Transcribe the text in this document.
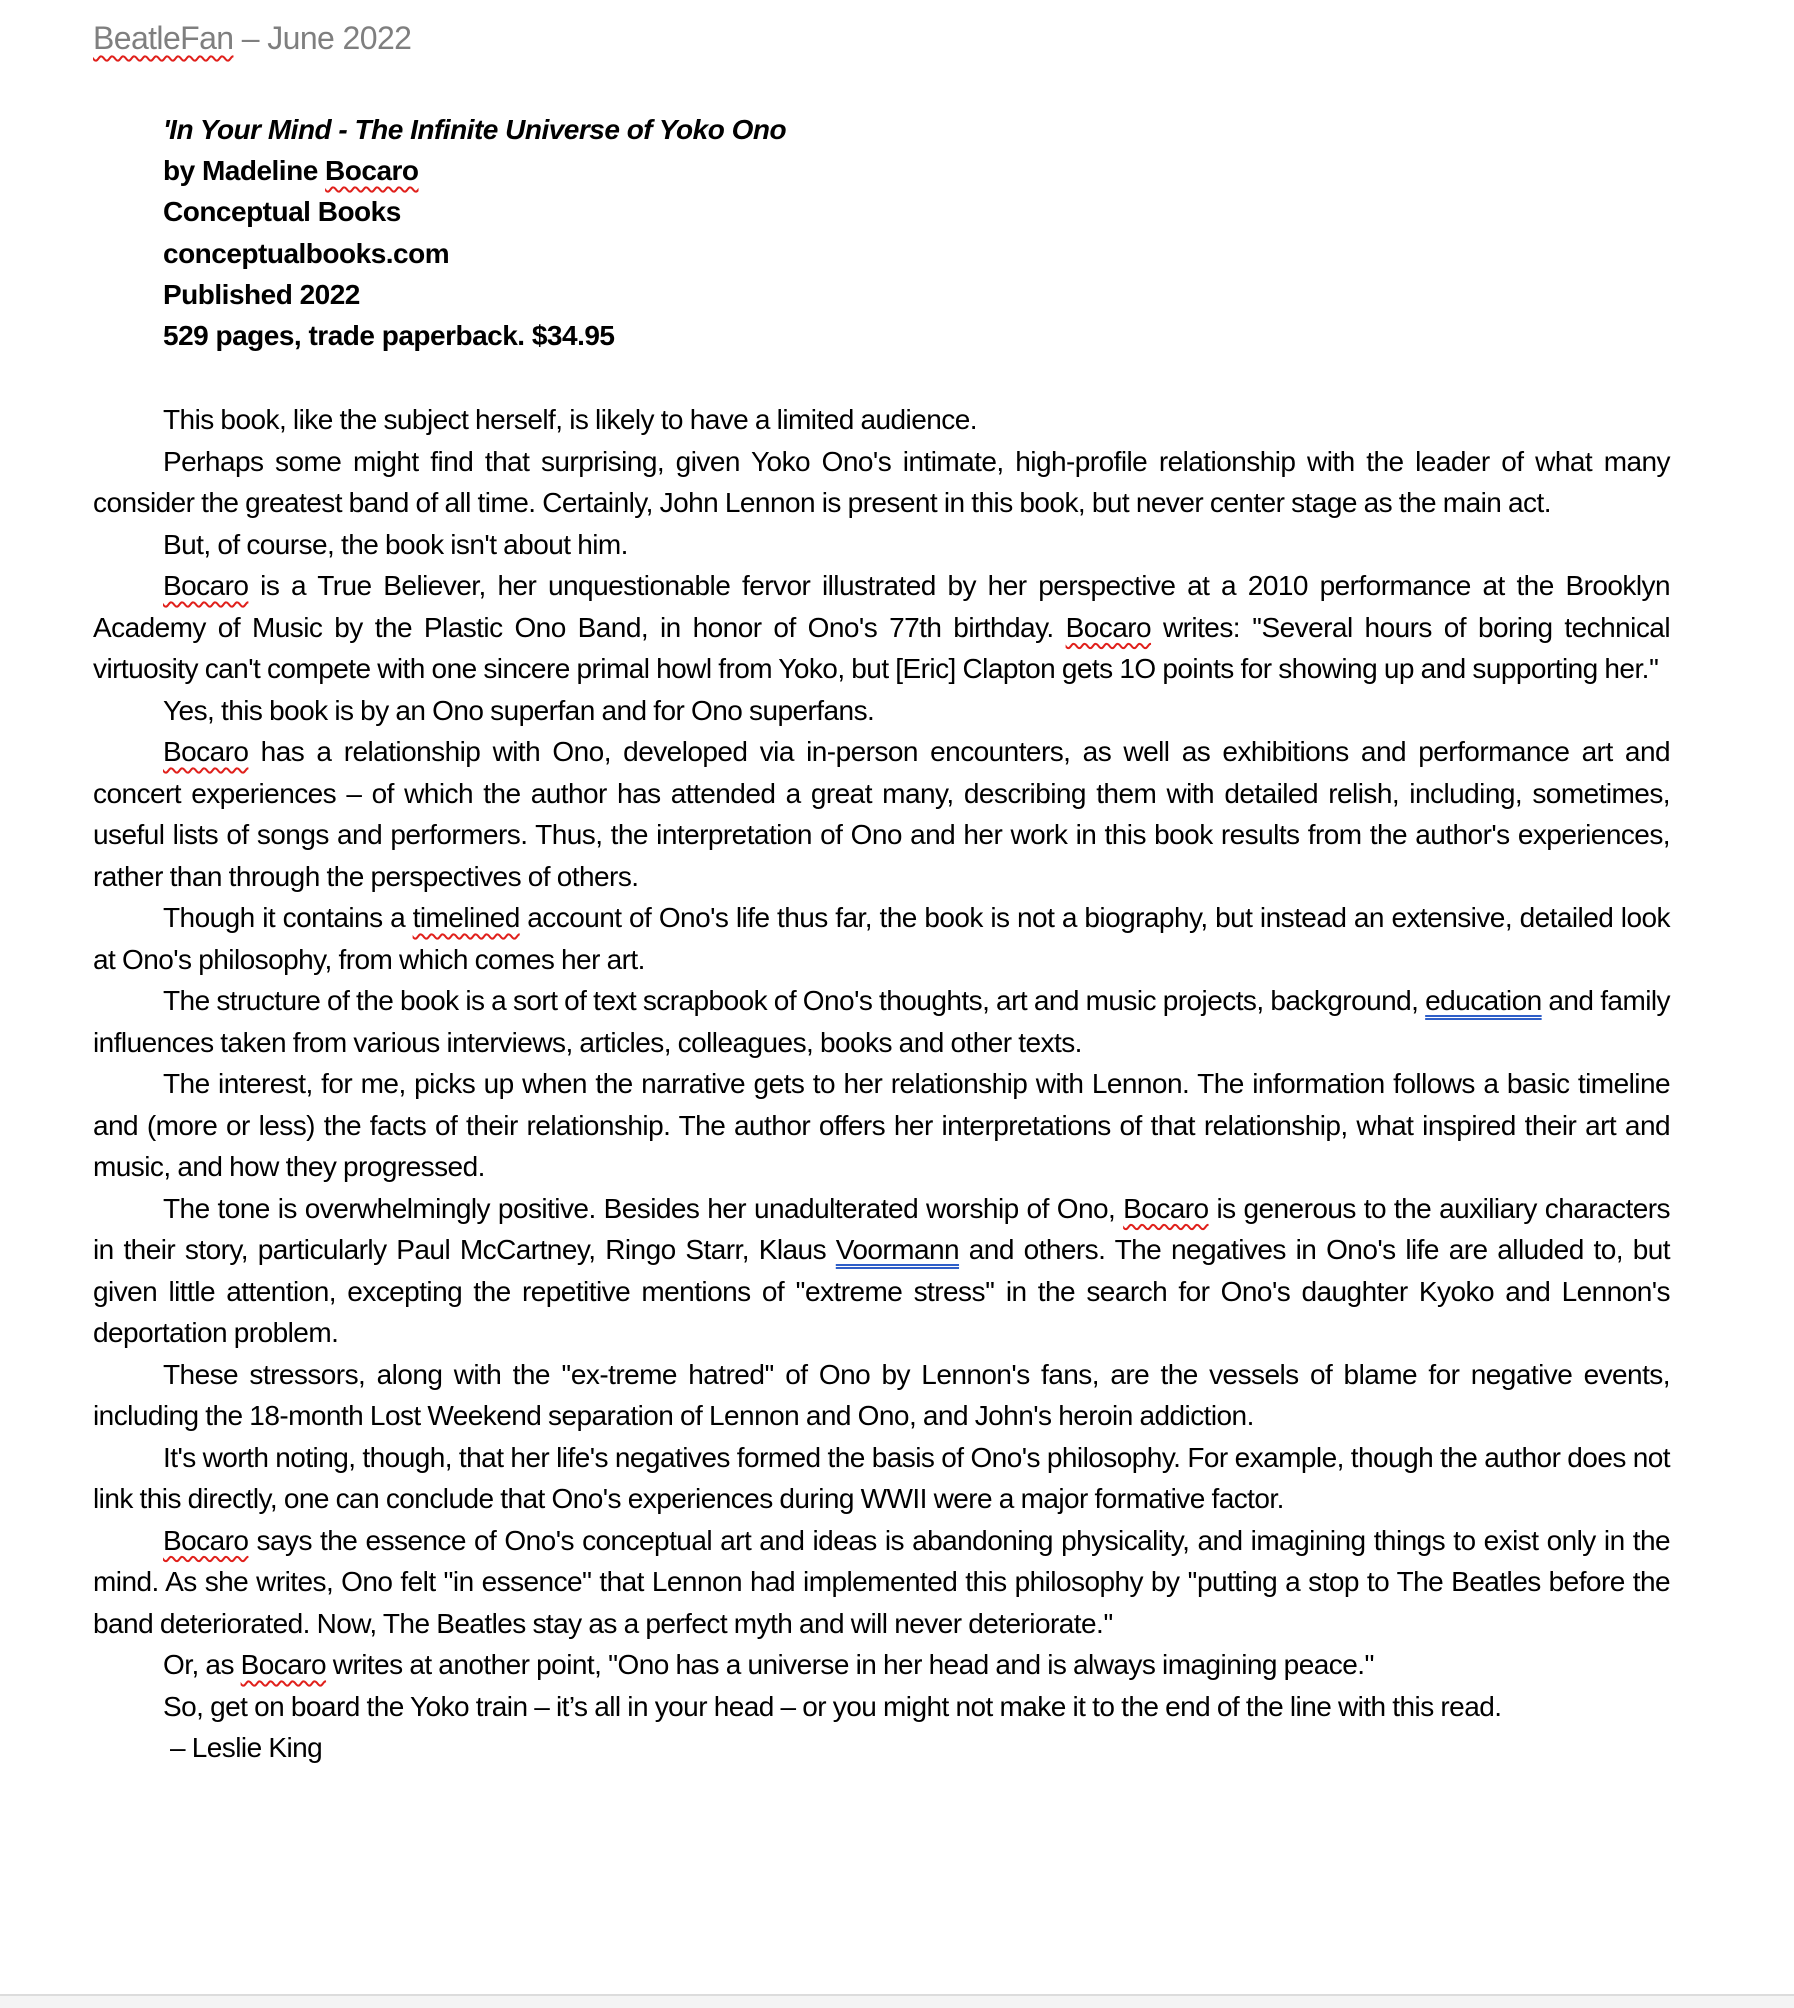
BeatleFan – June 2022
'In Your Mind - The Infinite Universe of Yoko Ono
by Madeline Bocaro
Conceptual Books
conceptualbooks.com
Published 2022
529 pages, trade paperback. $34.95

This book, like the subject herself, is likely to have a limited audience.

Perhaps some might find that surprising, given Yoko Ono's intimate, high-profile relationship with the leader of what many consider the greatest band of all time. Certainly, John Lennon is present in this book, but never center stage as the main act.

But, of course, the book isn't about him.

Bocaro is a True Believer, her unquestionable fervor illustrated by her perspective at a 2010 performance at the Brooklyn Academy of Music by the Plastic Ono Band, in honor of Ono's 77th birthday. Bocaro writes: ''Several hours of boring technical virtuosity can't compete with one sincere primal howl from Yoko, but [Eric] Clapton gets 1O points for showing up and supporting her.''

Yes, this book is by an Ono superfan and for Ono superfans.

Bocaro has a relationship with Ono, developed via in-person encounters, as well as exhibitions and performance art and concert experiences – of which the author has attended a great many, describing them with detailed relish, including, sometimes, useful lists of songs and performers. Thus, the interpretation of Ono and her work in this book results from the author's experiences, rather than through the perspectives of others.

Though it contains a timelined account of Ono's life thus far, the book is not a biography, but instead an extensive, detailed look at Ono's philosophy, from which comes her art.

The structure of the book is a sort of text scrapbook of Ono's thoughts, art and music projects, background, education and family influences taken from various interviews, articles, colleagues, books and other texts.

The interest, for me, picks up when the narrative gets to her relationship with Lennon. The information follows a basic timeline and (more or less) the facts of their relationship. The author offers her interpretations of that relationship, what inspired their art and music, and how they progressed.

The tone is overwhelmingly positive. Besides her unadulterated worship of Ono, Bocaro is generous to the auxiliary characters in their story, particularly Paul McCartney, Ringo Starr, Klaus Voormann and others. The negatives in Ono's life are alluded to, but given little attention, excepting the repetitive mentions of ''extreme stress'' in the search for Ono's daughter Kyoko and Lennon's deportation problem.

These stressors, along with the ''ex-treme hatred'' of Ono by Lennon's fans, are the vessels of blame for negative events, including the 18-month Lost Weekend separation of Lennon and Ono, and John's heroin addiction.

It's worth noting, though, that her life's negatives formed the basis of Ono's philosophy. For example, though the author does not link this directly, one can conclude that Ono's experiences during WWII were a major formative factor.

Bocaro says the essence of Ono's conceptual art and ideas is abandoning physicality, and imagining things to exist only in the mind. As she writes, Ono felt "in essence" that Lennon had implemented this philosophy by ''putting a stop to The Beatles before the band deteriorated. Now, The Beatles stay as a perfect myth and will never deteriorate.''

Or, as Bocaro writes at another point, "Ono has a universe in her head and is always imagining peace."

So, get on board the Yoko train – it’s all in your head – or you might not make it to the end of the line with this read.

– Leslie King
